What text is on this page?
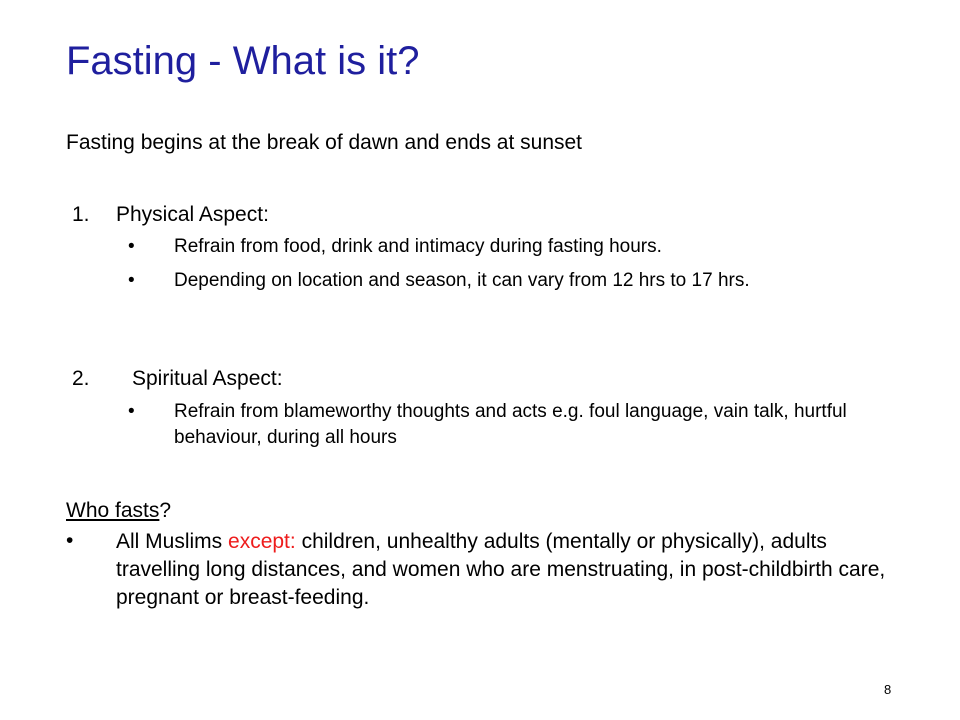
Fasting - What is it?

Fasting begins at the break of dawn and ends at sunset

1. Physical Aspect:
• Refrain from food, drink and intimacy during fasting hours.
• Depending on location and season, it can vary from 12 hrs to 17 hrs.
2. Spiritual Aspect:
• Refrain from blameworthy thoughts and acts e.g. foul language, vain talk, hurtful behaviour, during all hours
Who fasts?
• All Muslims except: children, unhealthy adults (mentally or physically), adults travelling long distances, and women who are menstruating, in post-childbirth care, pregnant or breast-feeding.
8
